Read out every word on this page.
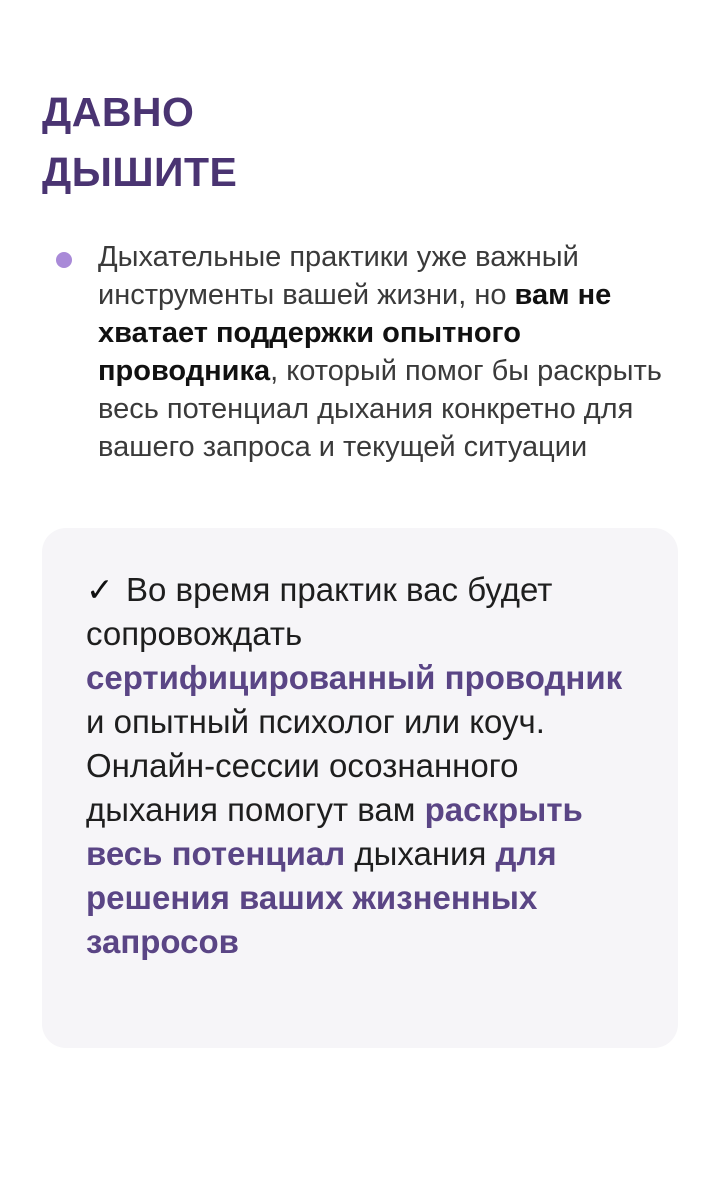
ДАВНО
ДЫШИТЕ

Дыхательные практики уже важный инструменты вашей жизни, но вам не хватает поддержки опытного проводника, который помог бы раскрыть весь потенциал дыхания конкретно для вашего запроса и текущей ситуации

✓ Во время практик вас будет сопровождать сертифицированный проводник и опытный психолог или коуч. Онлайн-сессии осознанного дыхания помогут вам раскрыть весь потенциал дыхания для решения ваших жизненных запросов
